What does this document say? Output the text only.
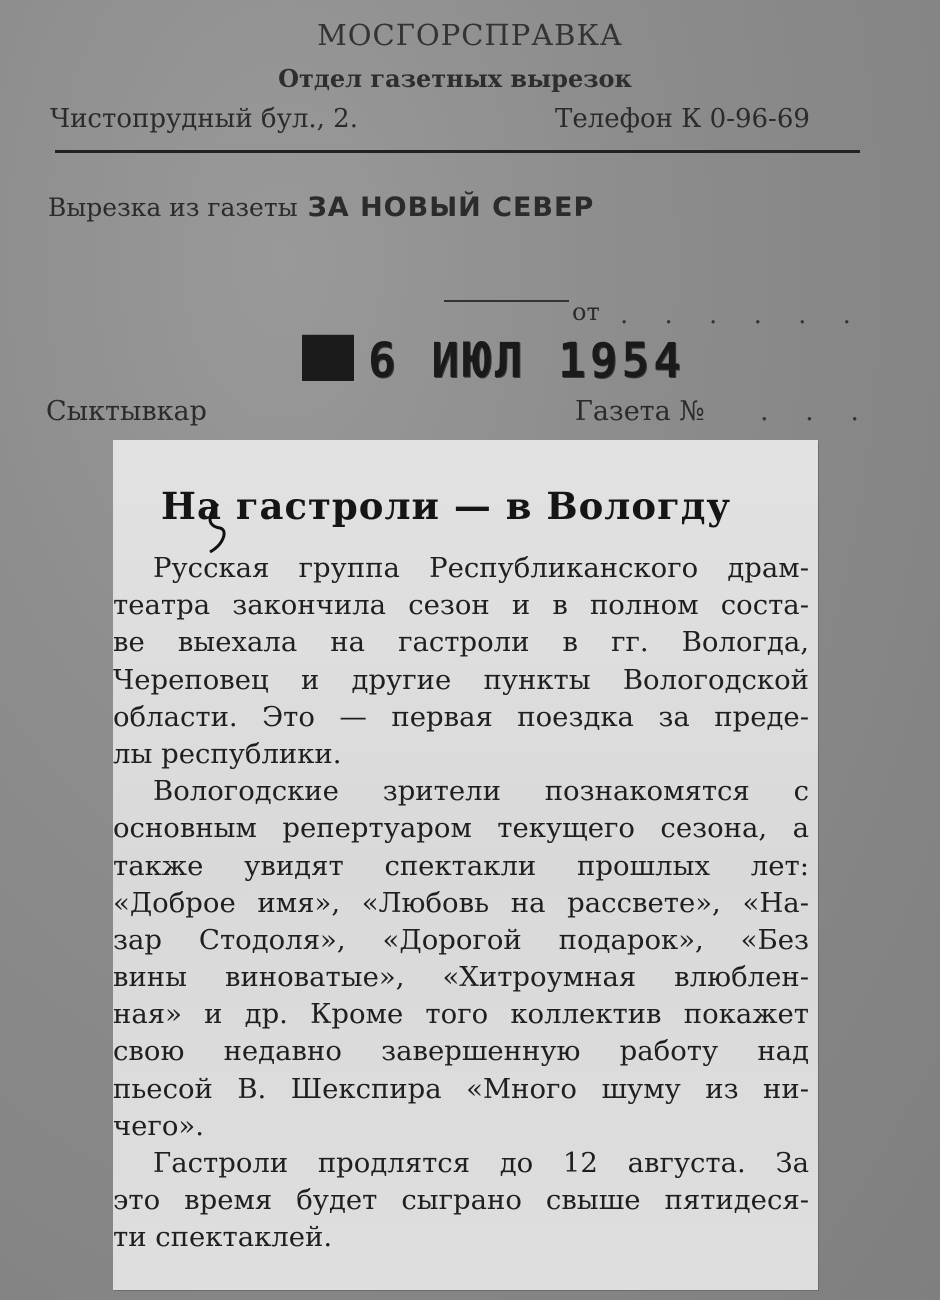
МОСГОРСПРАВКА
Отдел газетных вырезок
Чистопрудный бул., 2.	Телефон К 0-96-69
Вырезка из газеты ЗА НОВЫЙ СЕВЕР
от . . . . . .
6 ИЮЛ 1954
Сыктывкар	Газета № . . .
На гастроли — в Вологду
Русская группа Республиканского драм-
театра закончила сезон и в полном соста-
ве выехала на гастроли в гг. Вологда,
Череповец и другие пункты Вологодской
области. Это — первая поездка за преде-
лы республики.
Вологодские зрители познакомятся с
основным репертуаром текущего сезона, а
также увидят спектакли прошлых лет:
«Доброе имя», «Любовь на рассвете», «На-
зар Стодоля», «Дорогой подарок», «Без
вины виноватые», «Хитроумная влюблен-
ная» и др. Кроме того коллектив покажет
свою недавно завершенную работу над
пьесой В. Шекспира «Много шуму из ни-
чего».
Гастроли продлятся до 12 августа. За
это время будет сыграно свыше пятидеся-
ти спектаклей.
